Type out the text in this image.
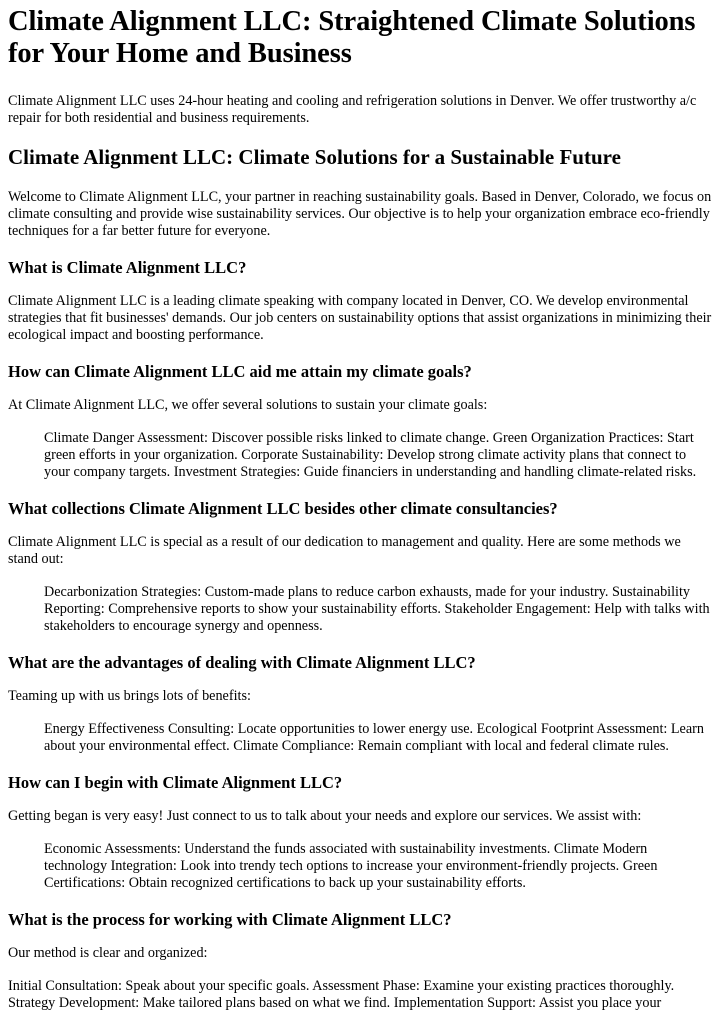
Climate Alignment LLC: Straightened Climate Solutions for Your Home and Business

Climate Alignment LLC uses 24-hour heating and cooling and refrigeration solutions in Denver. We offer trustworthy a/c repair for both residential and business requirements.

Climate Alignment LLC: Climate Solutions for a Sustainable Future

Welcome to Climate Alignment LLC, your partner in reaching sustainability goals. Based in Denver, Colorado, we focus on climate consulting and provide wise sustainability services. Our objective is to help your organization embrace eco-friendly techniques for a far better future for everyone.

What is Climate Alignment LLC?

Climate Alignment LLC is a leading climate speaking with company located in Denver, CO. We develop environmental strategies that fit businesses' demands. Our job centers on sustainability options that assist organizations in minimizing their ecological impact and boosting performance.

How can Climate Alignment LLC aid me attain my climate goals?

At Climate Alignment LLC, we offer several solutions to sustain your climate goals:

Climate Danger Assessment: Discover possible risks linked to climate change. Green Organization Practices: Start green efforts in your organization. Corporate Sustainability: Develop strong climate activity plans that connect to your company targets. Investment Strategies: Guide financiers in understanding and handling climate-related risks.
What collections Climate Alignment LLC besides other climate consultancies?

Climate Alignment LLC is special as a result of our dedication to management and quality. Here are some methods we stand out:

Decarbonization Strategies: Custom-made plans to reduce carbon exhausts, made for your industry. Sustainability Reporting: Comprehensive reports to show your sustainability efforts. Stakeholder Engagement: Help with talks with stakeholders to encourage synergy and openness.
What are the advantages of dealing with Climate Alignment LLC?

Teaming up with us brings lots of benefits:

Energy Effectiveness Consulting: Locate opportunities to lower energy use. Ecological Footprint Assessment: Learn about your environmental effect. Climate Compliance: Remain compliant with local and federal climate rules.
How can I begin with Climate Alignment LLC?

Getting began is very easy! Just connect to us to talk about your needs and explore our services. We assist with:

Economic Assessments: Understand the funds associated with sustainability investments. Climate Modern technology Integration: Look into trendy tech options to increase your environment-friendly projects. Green Certifications: Obtain recognized certifications to back up your sustainability efforts.
What is the process for working with Climate Alignment LLC?

Our method is clear and organized:

Initial Consultation: Speak about your specific goals. Assessment Phase: Examine your existing practices thoroughly. Strategy Development: Make tailored plans based on what we find. Implementation Support: Assist you place your
